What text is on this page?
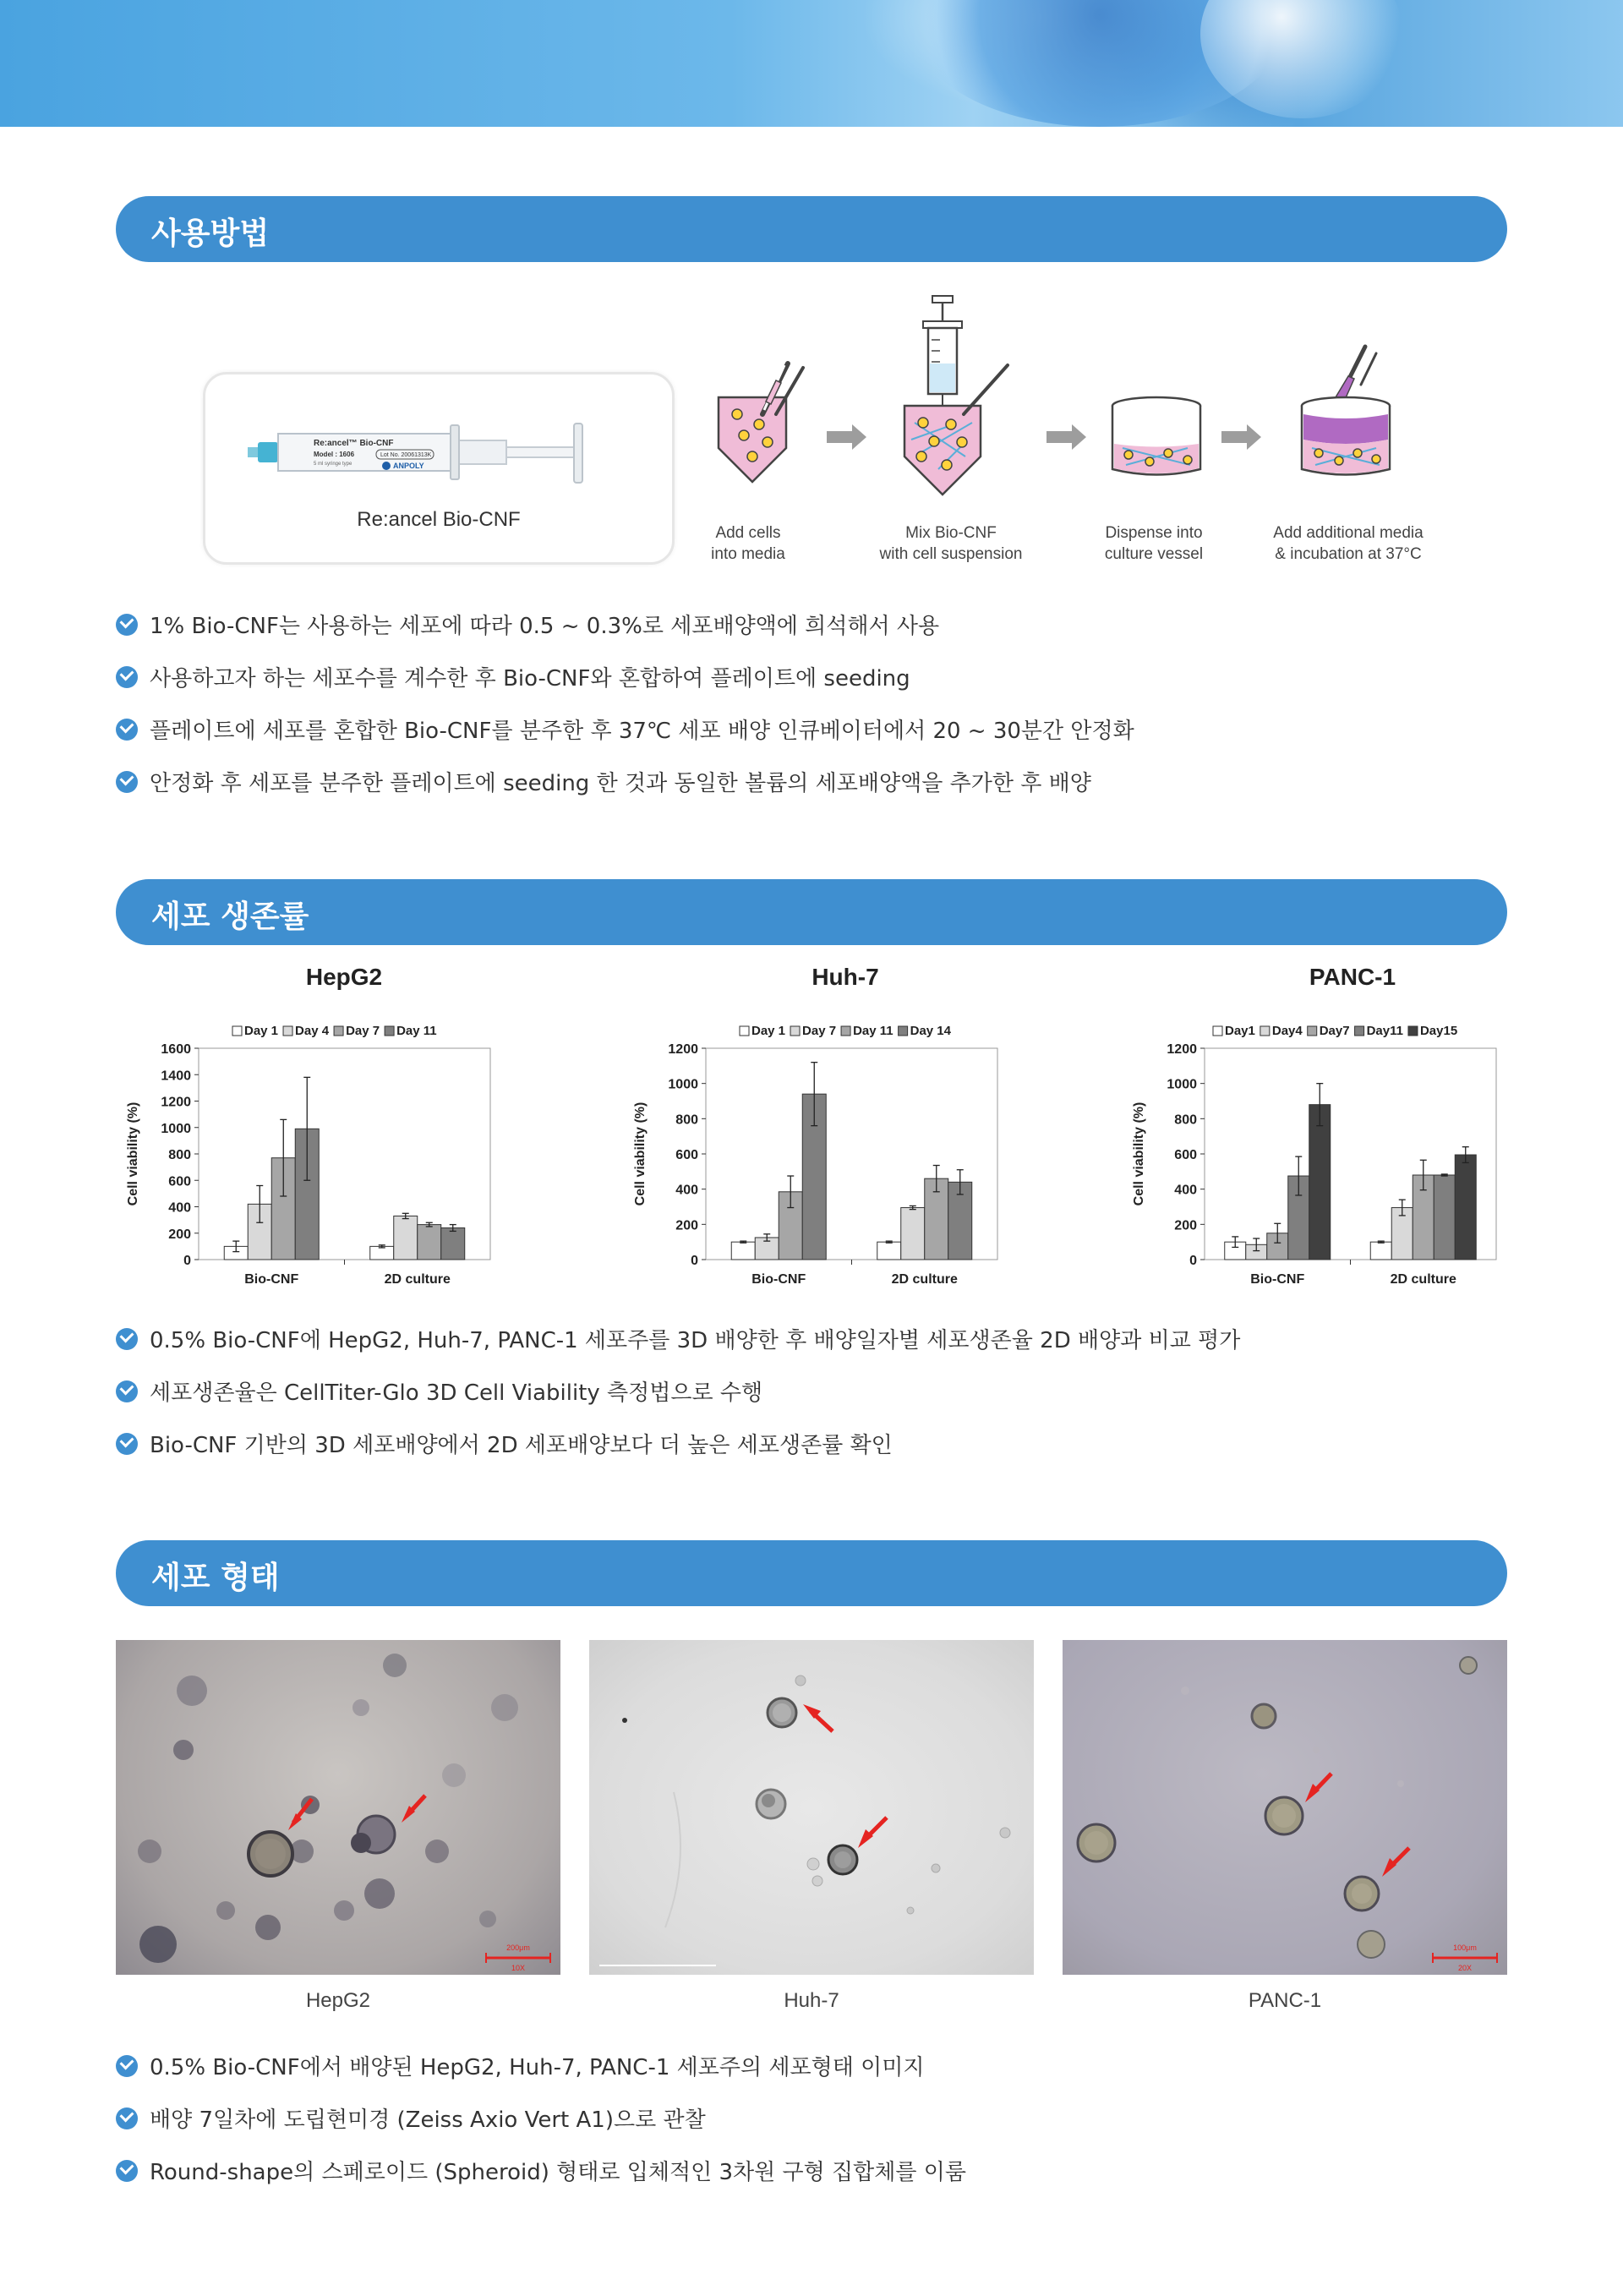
사용방법
Re:ancel™ Bio-CNF
Model : 1606	Lot No. 20061313K
5 ml syringe type	ANPOLY
Re:ancel Bio-CNF
Add cells
into media
Mix Bio-CNF
with cell suspension
Dispense into
culture vessel
Add additional media
& incubation at 37°C
1% Bio-CNF는 사용하는 세포에 따라 0.5 ~ 0.3%로 세포배양액에 희석해서 사용
사용하고자 하는 세포수를 계수한 후 Bio-CNF와 혼합하여 플레이트에 seeding
플레이트에 세포를 혼합한 Bio-CNF를 분주한 후 37℃ 세포 배양 인큐베이터에서 20 ~ 30분간 안정화
안정화 후 세포를 분주한 플레이트에 seeding 한 것과 동일한 볼륨의 세포배양액을 추가한 후 배양
세포 생존률
HepG2	Huh-7	PANC-1
0
200
400
600
800
1000
1200
1400
1600
Cell viability (%)
Bio-CNF	2D culture
Day 1 Day 4 Day 7 Day 11
0
200
400
600
800
1000
1200
Cell viability (%)
Bio-CNF	2D culture
Day 1 Day 7 Day 11 Day 14
0
200
400
600
800
1000
1200
Cell viability (%)
Bio-CNF	2D culture
Day1 Day4 Day7 Day11 Day15
0.5% Bio-CNF에 HepG2, Huh-7, PANC-1 세포주를 3D 배양한 후 배양일자별 세포생존율 2D 배양과 비교 평가
세포생존율은 CellTiter-Glo 3D Cell Viability 측정법으로 수행
Bio-CNF 기반의 3D 세포배양에서 2D 세포배양보다 더 높은 세포생존률 확인
세포 형태
200μm
10X
HepG2	Huh-7
100μm
20X
PANC-1
0.5% Bio-CNF에서 배양된 HepG2, Huh-7, PANC-1 세포주의 세포형태 이미지
배양 7일차에 도립현미경 (Zeiss Axio Vert A1)으로 관찰
Round-shape의 스페로이드 (Spheroid) 형태로 입체적인 3차원 구형 집합체를 이룸
